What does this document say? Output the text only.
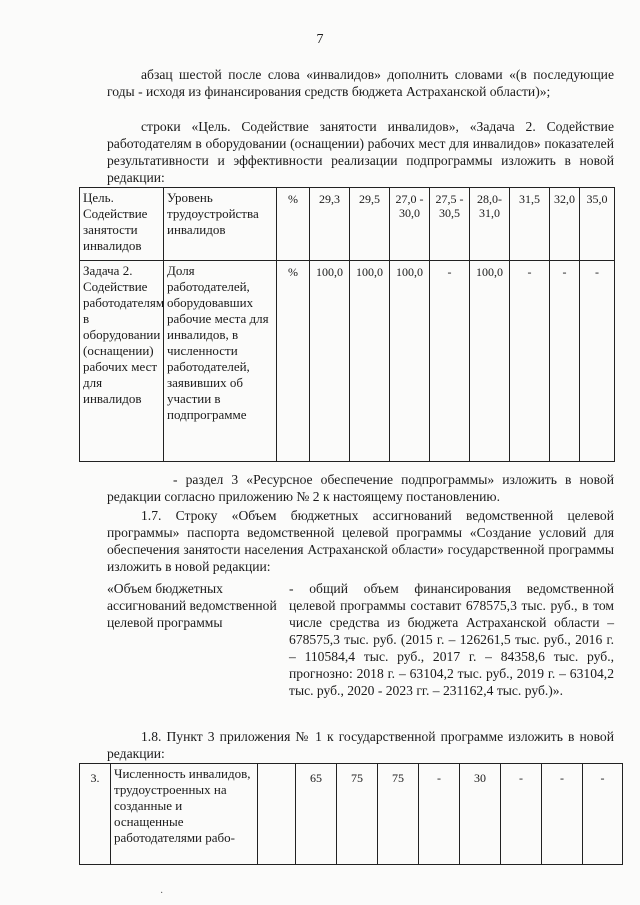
7

абзац шестой после слова «инвалидов» дополнить словами «(в последующие годы - исходя из финансирования средств бюджета Астраханской области)»;

строки «Цель. Содействие занятости инвалидов», «Задача 2. Содействие работодателям в оборудовании (оснащении) рабочих мест для инвалидов» показателей результативности и эффективности реализации подпрограммы изложить в новой редакции:

Цель. Содействие занятости инвалидов	Уровень трудоустройства инвалидов	%	29,3	29,5	27,0 - 30,0	27,5 - 30,5	28,0- 31,0	31,5	32,0	35,0
Задача 2. Содействие работодателям в оборудовании (оснащении) рабочих мест для инвалидов	Доля работодателей, оборудовавших рабочие места для инвалидов, в численности работодателей, заявивших об участии в подпрограмме	%	100,0	100,0	100,0	-	100,0	-	-	-

- раздел 3 «Ресурсное обеспечение подпрограммы» изложить в новой редакции согласно приложению № 2 к настоящему постановлению.

1.7. Строку «Объем бюджетных ассигнований ведомственной целевой программы» паспорта ведомственной целевой программы «Создание условий для обеспечения занятости населения Астраханской области» государственной программы изложить в новой редакции:

«Объем бюджетных ассигнований ведомственной целевой программы
- общий объем финансирования ведомственной целевой программы составит 678575,3 тыс. руб., в том числе средства из бюджета Астраханской области – 678575,3 тыс. руб. (2015 г. – 126261,5 тыс. руб., 2016 г. – 110584,4 тыс. руб., 2017 г. – 84358,6 тыс. руб., прогнозно: 2018 г. – 63104,2 тыс. руб., 2019 г. – 63104,2 тыс. руб., 2020 - 2023 гг. – 231162,4 тыс. руб.)».

1.8. Пункт 3 приложения № 1 к государственной программе изложить в новой редакции:

3.	Численность инвалидов, трудоустроенных на созданные и оснащенные работодателями рабо-		65	75	75	-	30	-	-	-
·
